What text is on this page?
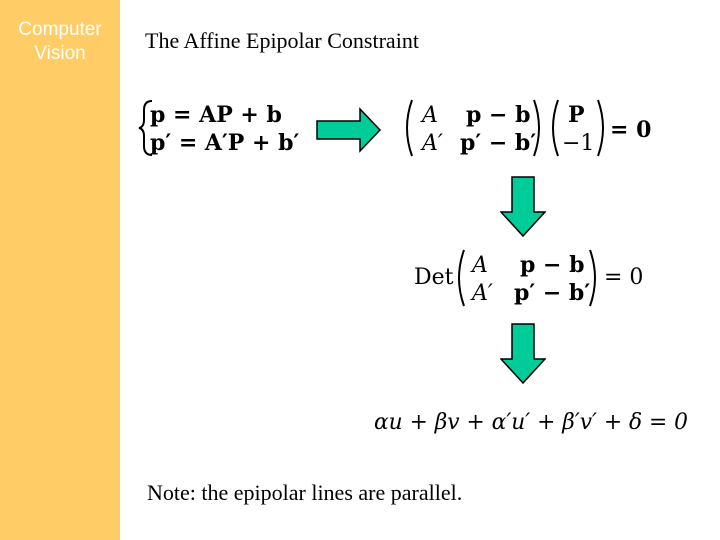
Computer
Vision
The Affine Epipolar Constraint
p = AP + b
p′ = A′P + b′
A
A′
p − b
p′ − b′
P
−1
= 0
Det A
A′
p − b
p′ − b′
= 0
αu + βv + α′u′ + β′v′ + δ = 0
Note: the epipolar lines are parallel.
